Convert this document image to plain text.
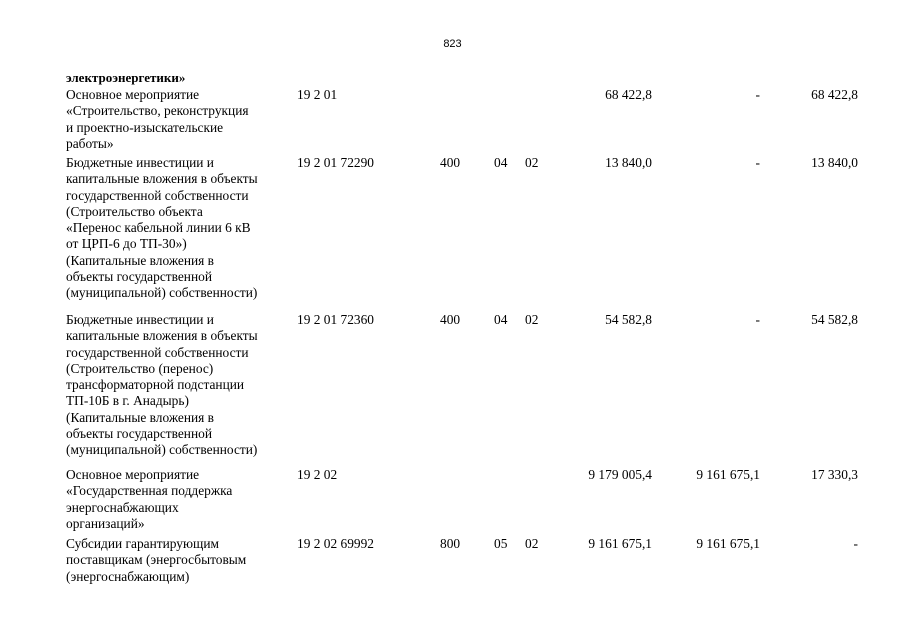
823
электроэнергетики»
Основное мероприятие
«Строительство, реконструкция
и проектно-изыскательские
работы»
19 2 01	68 422,8	-	68 422,8
Бюджетные инвестиции и
капитальные вложения в объекты
государственной собственности
(Строительство объекта
«Перенос кабельной линии 6 кВ
от ЦРП-6 до ТП-30»)
(Капитальные вложения в
объекты государственной
(муниципальной) собственности)
19 2 01 72290	400	04 02	13 840,0	-	13 840,0
Бюджетные инвестиции и
капитальные вложения в объекты
государственной собственности
(Строительство (перенос)
трансформаторной подстанции
ТП-10Б в г. Анадырь)
(Капитальные вложения в
объекты государственной
(муниципальной) собственности)
19 2 01 72360	400	04 02	54 582,8	-	54 582,8
Основное мероприятие
«Государственная поддержка
энергоснабжающих
организаций»
19 2 02	9 179 005,4	9 161 675,1	17 330,3
Субсидии гарантирующим
поставщикам (энергосбытовым
(энергоснабжающим)
19 2 02 69992	800	05 02	9 161 675,1	9 161 675,1	-
